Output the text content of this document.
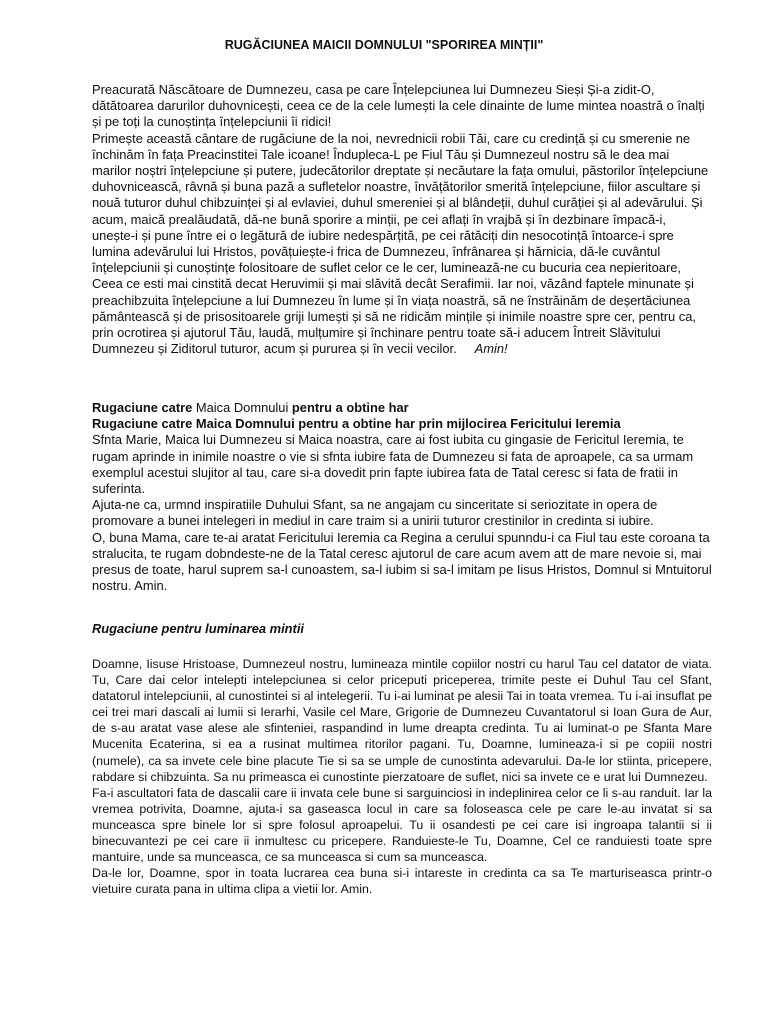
RUGĂCIUNEA MAICII DOMNULUI "SPORIREA MINȚII"

Preacurată Născătoare de Dumnezeu, casa pe care Înțelepciunea lui Dumnezeu Sieși Și-a zidit-O, dătătoarea darurilor duhovnicești, ceea ce de la cele lumești la cele dinainte de lume mintea noastră o înalți și pe toți la cunoștința înțelepciunii îi ridici!

Primește această cântare de rugăciune de la noi, nevrednicii robii Tăi, care cu credință și cu smerenie ne închinăm în fața Preacinstitei Tale icoane! Îndupleca-L pe Fiul Tău și Dumnezeul nostru să le dea mai marilor noștri înțelepciune și putere, judecătorilor dreptate și necăutare la fața omului, păstorilor înțelepciune duhovnicească, râvnă și buna pază a sufletelor noastre, învățătorilor smerită înțelepciune, fiilor ascultare și nouă tuturor duhul chibzuinței și al evlaviei, duhul smereniei și al blândeții, duhul curăției și al adevărului. Și acum, maică prealăudată, dă-ne bună sporire a minții, pe cei aflați în vrajbă și în dezbinare împacă-i, unește-i și pune între ei o legătură de iubire nedespărțită, pe cei rătăciți din nesocotință întoarce-i spre lumina adevărului lui Hristos, povățuiește-i frica de Dumnezeu, înfrânarea și hărnicia, dă-le cuvântul înțelepciunii și cunoștințe folositoare de suflet celor ce le cer, luminează-ne cu bucuria cea nepieritoare, Ceea ce esti mai cinstită decat Heruvimii și mai slăvită decât Serafimii. Iar noi, văzând faptele minunate și preachibzuita înțelepciune a lui Dumnezeu în lume și în viața noastră, să ne înstrăinăm de deșertăciunea pământească și de prisositoarele griji lumești și să ne ridicăm mințile și inimile noastre spre cer, pentru ca, prin ocrotirea și ajutorul Tău, laudă, mulțumire și închinare pentru toate să-i aducem Întreit Slăvitului Dumnezeu și Ziditorul tuturor, acum și pururea și în vecii vecilor. Amin!

Rugaciune catre Maica Domnului pentru a obtine har

Rugaciune catre Maica Domnului pentru a obtine har prin mijlocirea Fericitului Ieremia

Sfnta Marie, Maica lui Dumnezeu si Maica noastra, care ai fost iubita cu gingasie de Fericitul Ieremia, te rugam aprinde in inimile noastre o vie si sfnta iubire fata de Dumnezeu si fata de aproapele, ca sa urmam exemplul acestui slujitor al tau, care si-a dovedit prin fapte iubirea fata de Tatal ceresc si fata de fratii in suferinta.

Ajuta-ne ca, urmnd inspiratiile Duhului Sfant, sa ne angajam cu sinceritate si seriozitate in opera de promovare a bunei intelegeri in mediul in care traim si a unirii tuturor crestinilor in credinta si iubire.

O, buna Mama, care te-ai aratat Fericitului Ieremia ca Regina a cerului spunndu-i ca Fiul tau este coroana ta stralucita, te rugam dobndeste-ne de la Tatal ceresc ajutorul de care acum avem att de mare nevoie si, mai presus de toate, harul suprem sa-l cunoastem, sa-l iubim si sa-l imitam pe Iisus Hristos, Domnul si Mntuitorul nostru. Amin.

Rugaciune pentru luminarea mintii

Doamne, Iisuse Hristoase, Dumnezeul nostru, lumineaza mintile copiilor nostri cu harul Tau cel datator de viata. Tu, Care dai celor intelepti intelepciunea si celor priceputi priceperea, trimite peste ei Duhul Tau cel Sfant, datatorul intelepciunii, al cunostintei si al intelegerii. Tu i-ai luminat pe alesii Tai in toata vremea. Tu i-ai insuflat pe cei trei mari dascali ai lumii si Ierarhi, Vasile cel Mare, Grigorie de Dumnezeu Cuvantatorul si Ioan Gura de Aur, de s-au aratat vase alese ale sfinteniei, raspandind in lume dreapta credinta. Tu ai luminat-o pe Sfanta Mare Mucenita Ecaterina, si ea a rusinat multimea ritorilor pagani. Tu, Doamne, lumineaza-i si pe copiii nostri (numele), ca sa invete cele bine placute Tie si sa se umple de cunostinta adevarului. Da-le lor stiinta, pricepere, rabdare si chibzuinta. Sa nu primeasca ei cunostinte pierzatoare de suflet, nici sa invete ce e urat lui Dumnezeu.

Fa-i ascultatori fata de dascalii care ii invata cele bune si sarguinciosi in indeplinirea celor ce li s-au randuit. Iar la vremea potrivita, Doamne, ajuta-i sa gaseasca locul in care sa foloseasca cele pe care le-au invatat si sa munceasca spre binele lor si spre folosul aproapelui. Tu ii osandesti pe cei care isi ingroapa talantii si ii binecuvantezi pe cei care ii inmultesc cu pricepere. Randuieste-le Tu, Doamne, Cel ce randuiesti toate spre mantuire, unde sa munceasca, ce sa munceasca si cum sa munceasca.

Da-le lor, Doamne, spor in toata lucrarea cea buna si-i intareste in credinta ca sa Te marturiseasca printr-o vietuire curata pana in ultima clipa a vietii lor. Amin.
